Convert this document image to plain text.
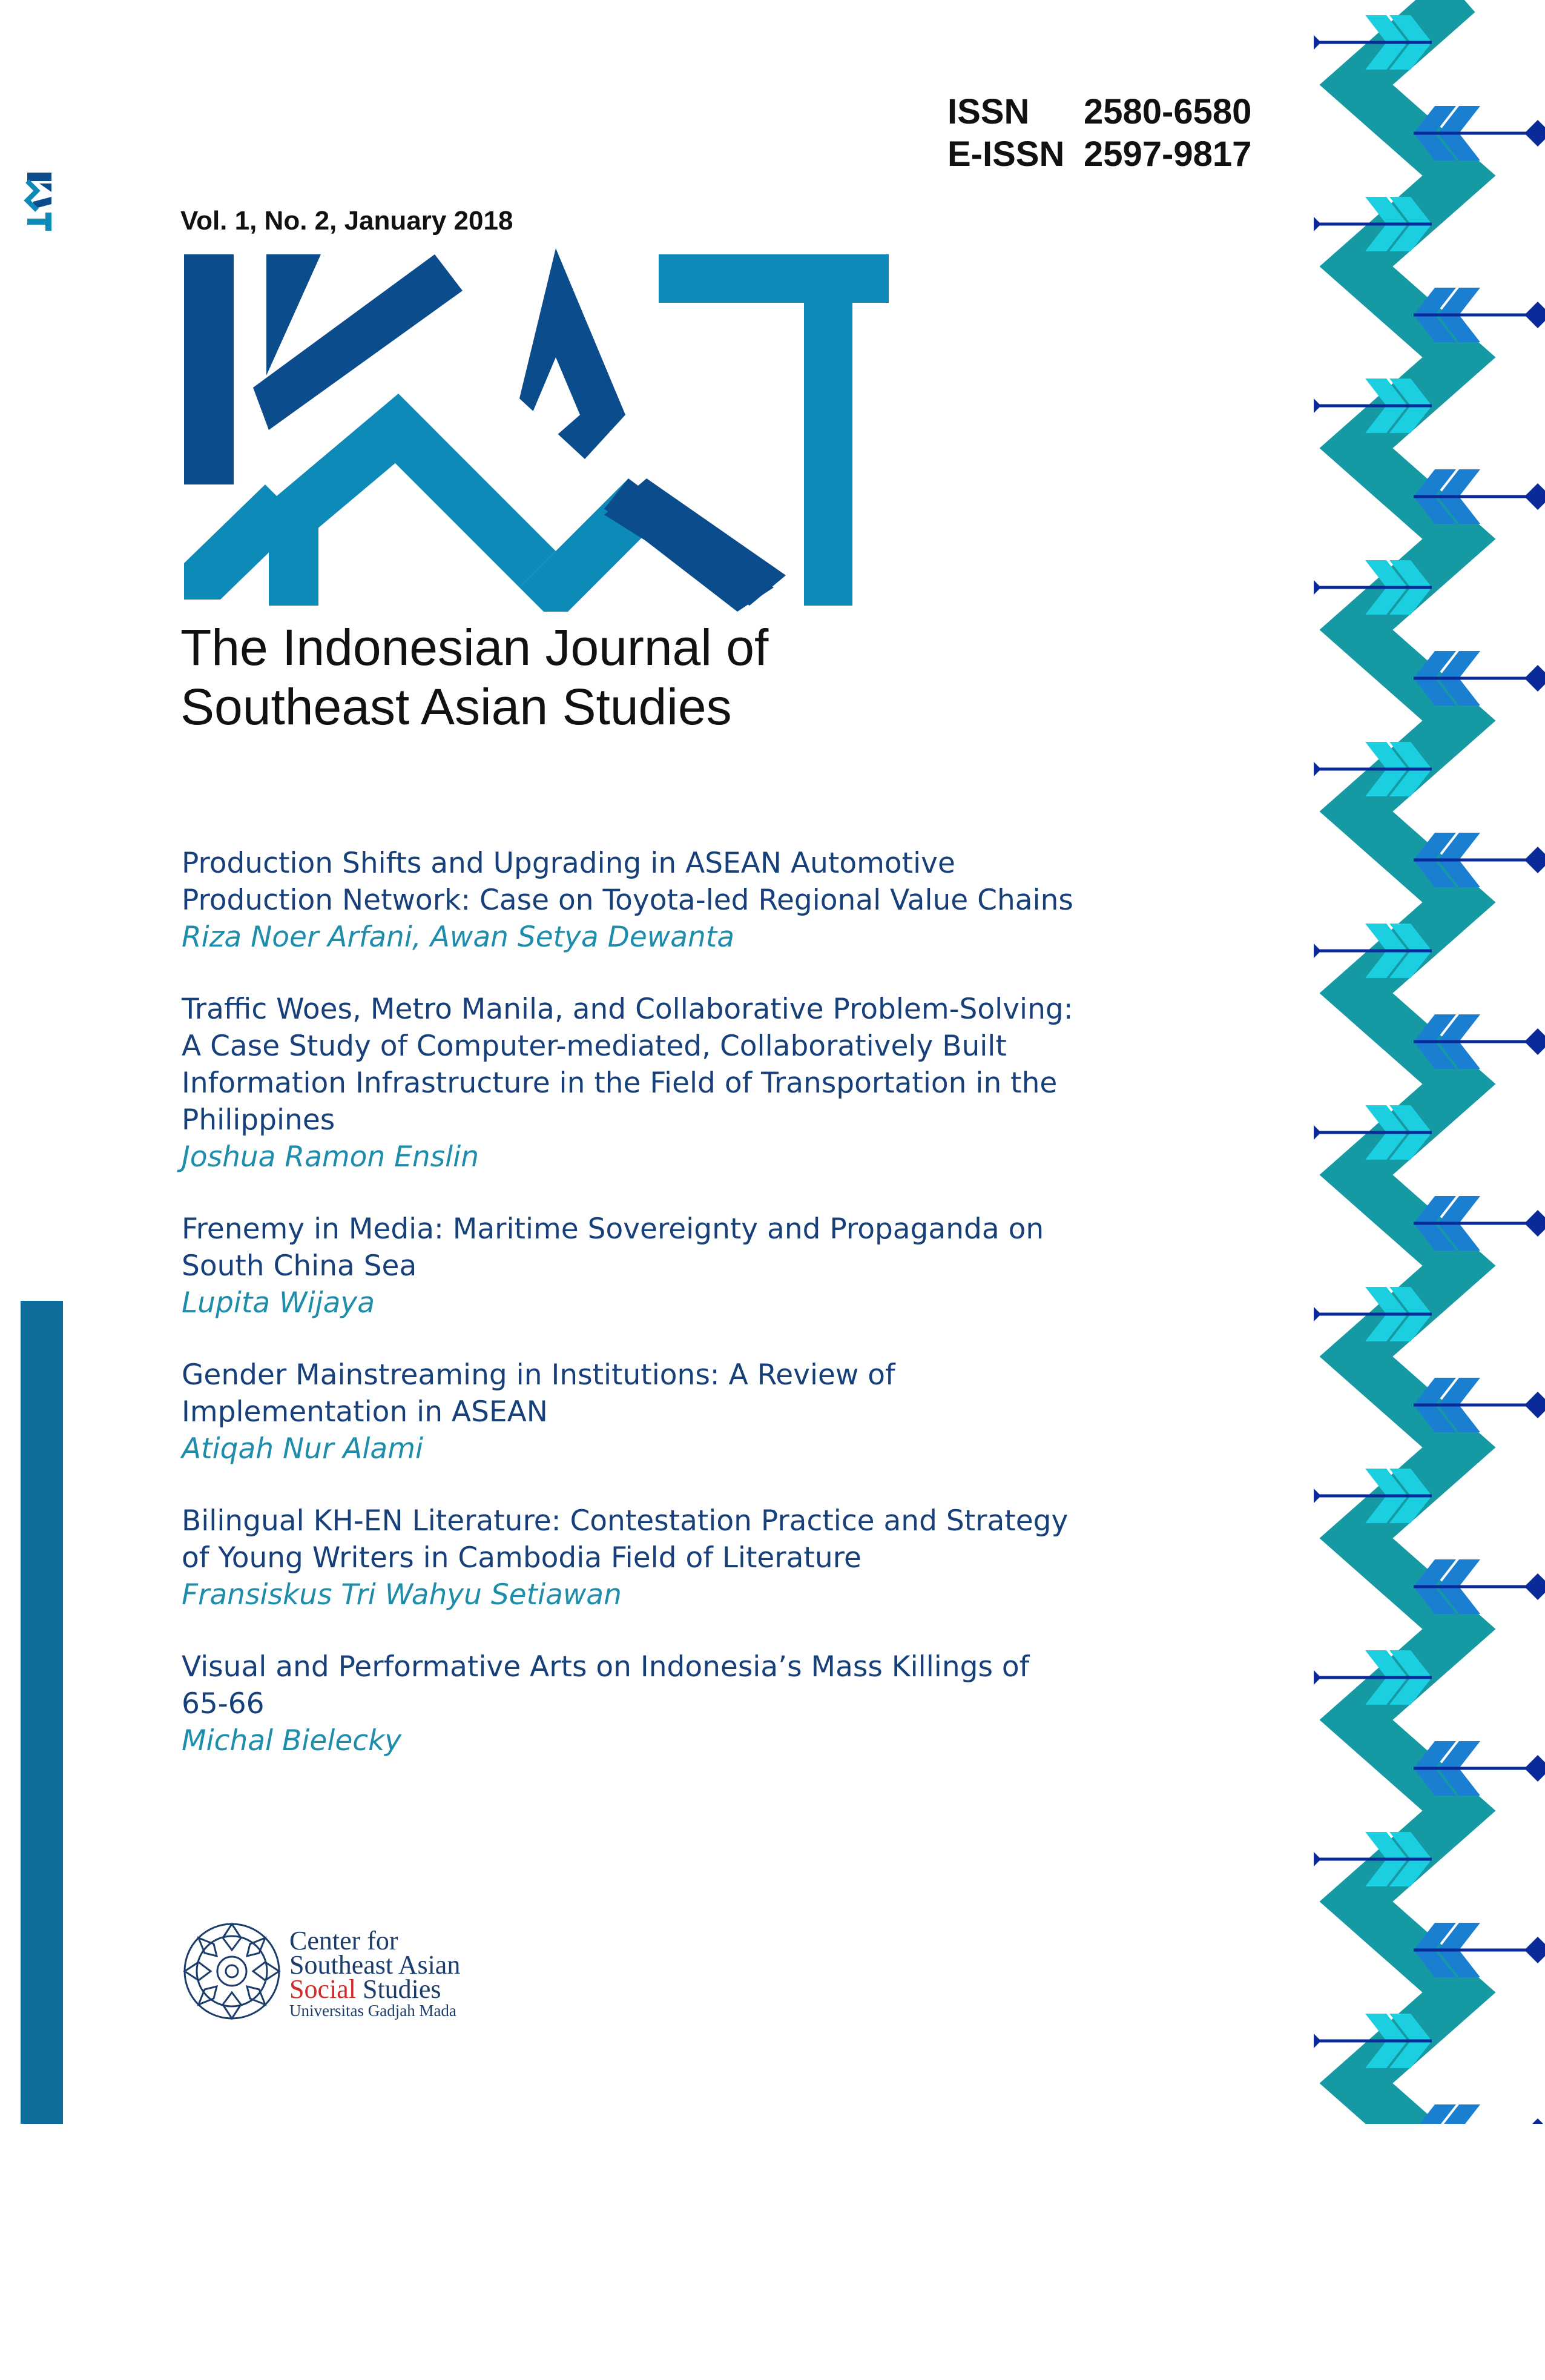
ISSN	2580-6580
E-ISSN 2597-9817
Vol. 1, No. 2, January 2018
The Indonesian Journal of
Southeast Asian Studies
Production Shifts and Upgrading in ASEAN Automotive
Production Network: Case on Toyota-led Regional Value Chains
Riza Noer Arfani, Awan Setya Dewanta
Traffic Woes, Metro Manila, and Collaborative Problem-Solving:
A Case Study of Computer-mediated, Collaboratively Built
Information Infrastructure in the Field of Transportation in the
Philippines
Joshua Ramon Enslin
Frenemy in Media: Maritime Sovereignty and Propaganda on
South China Sea
Lupita Wijaya
Gender Mainstreaming in Institutions: A Review of
Implementation in ASEAN
Atiqah Nur Alami
Bilingual KH-EN Literature: Contestation Practice and Strategy
of Young Writers in Cambodia Field of Literature
Fransiskus Tri Wahyu Setiawan
Visual and Performative Arts on Indonesia’s Mass Killings of
65-66
Michal Bielecky
Center for
Southeast Asian
Social Studies
Universitas Gadjah Mada
